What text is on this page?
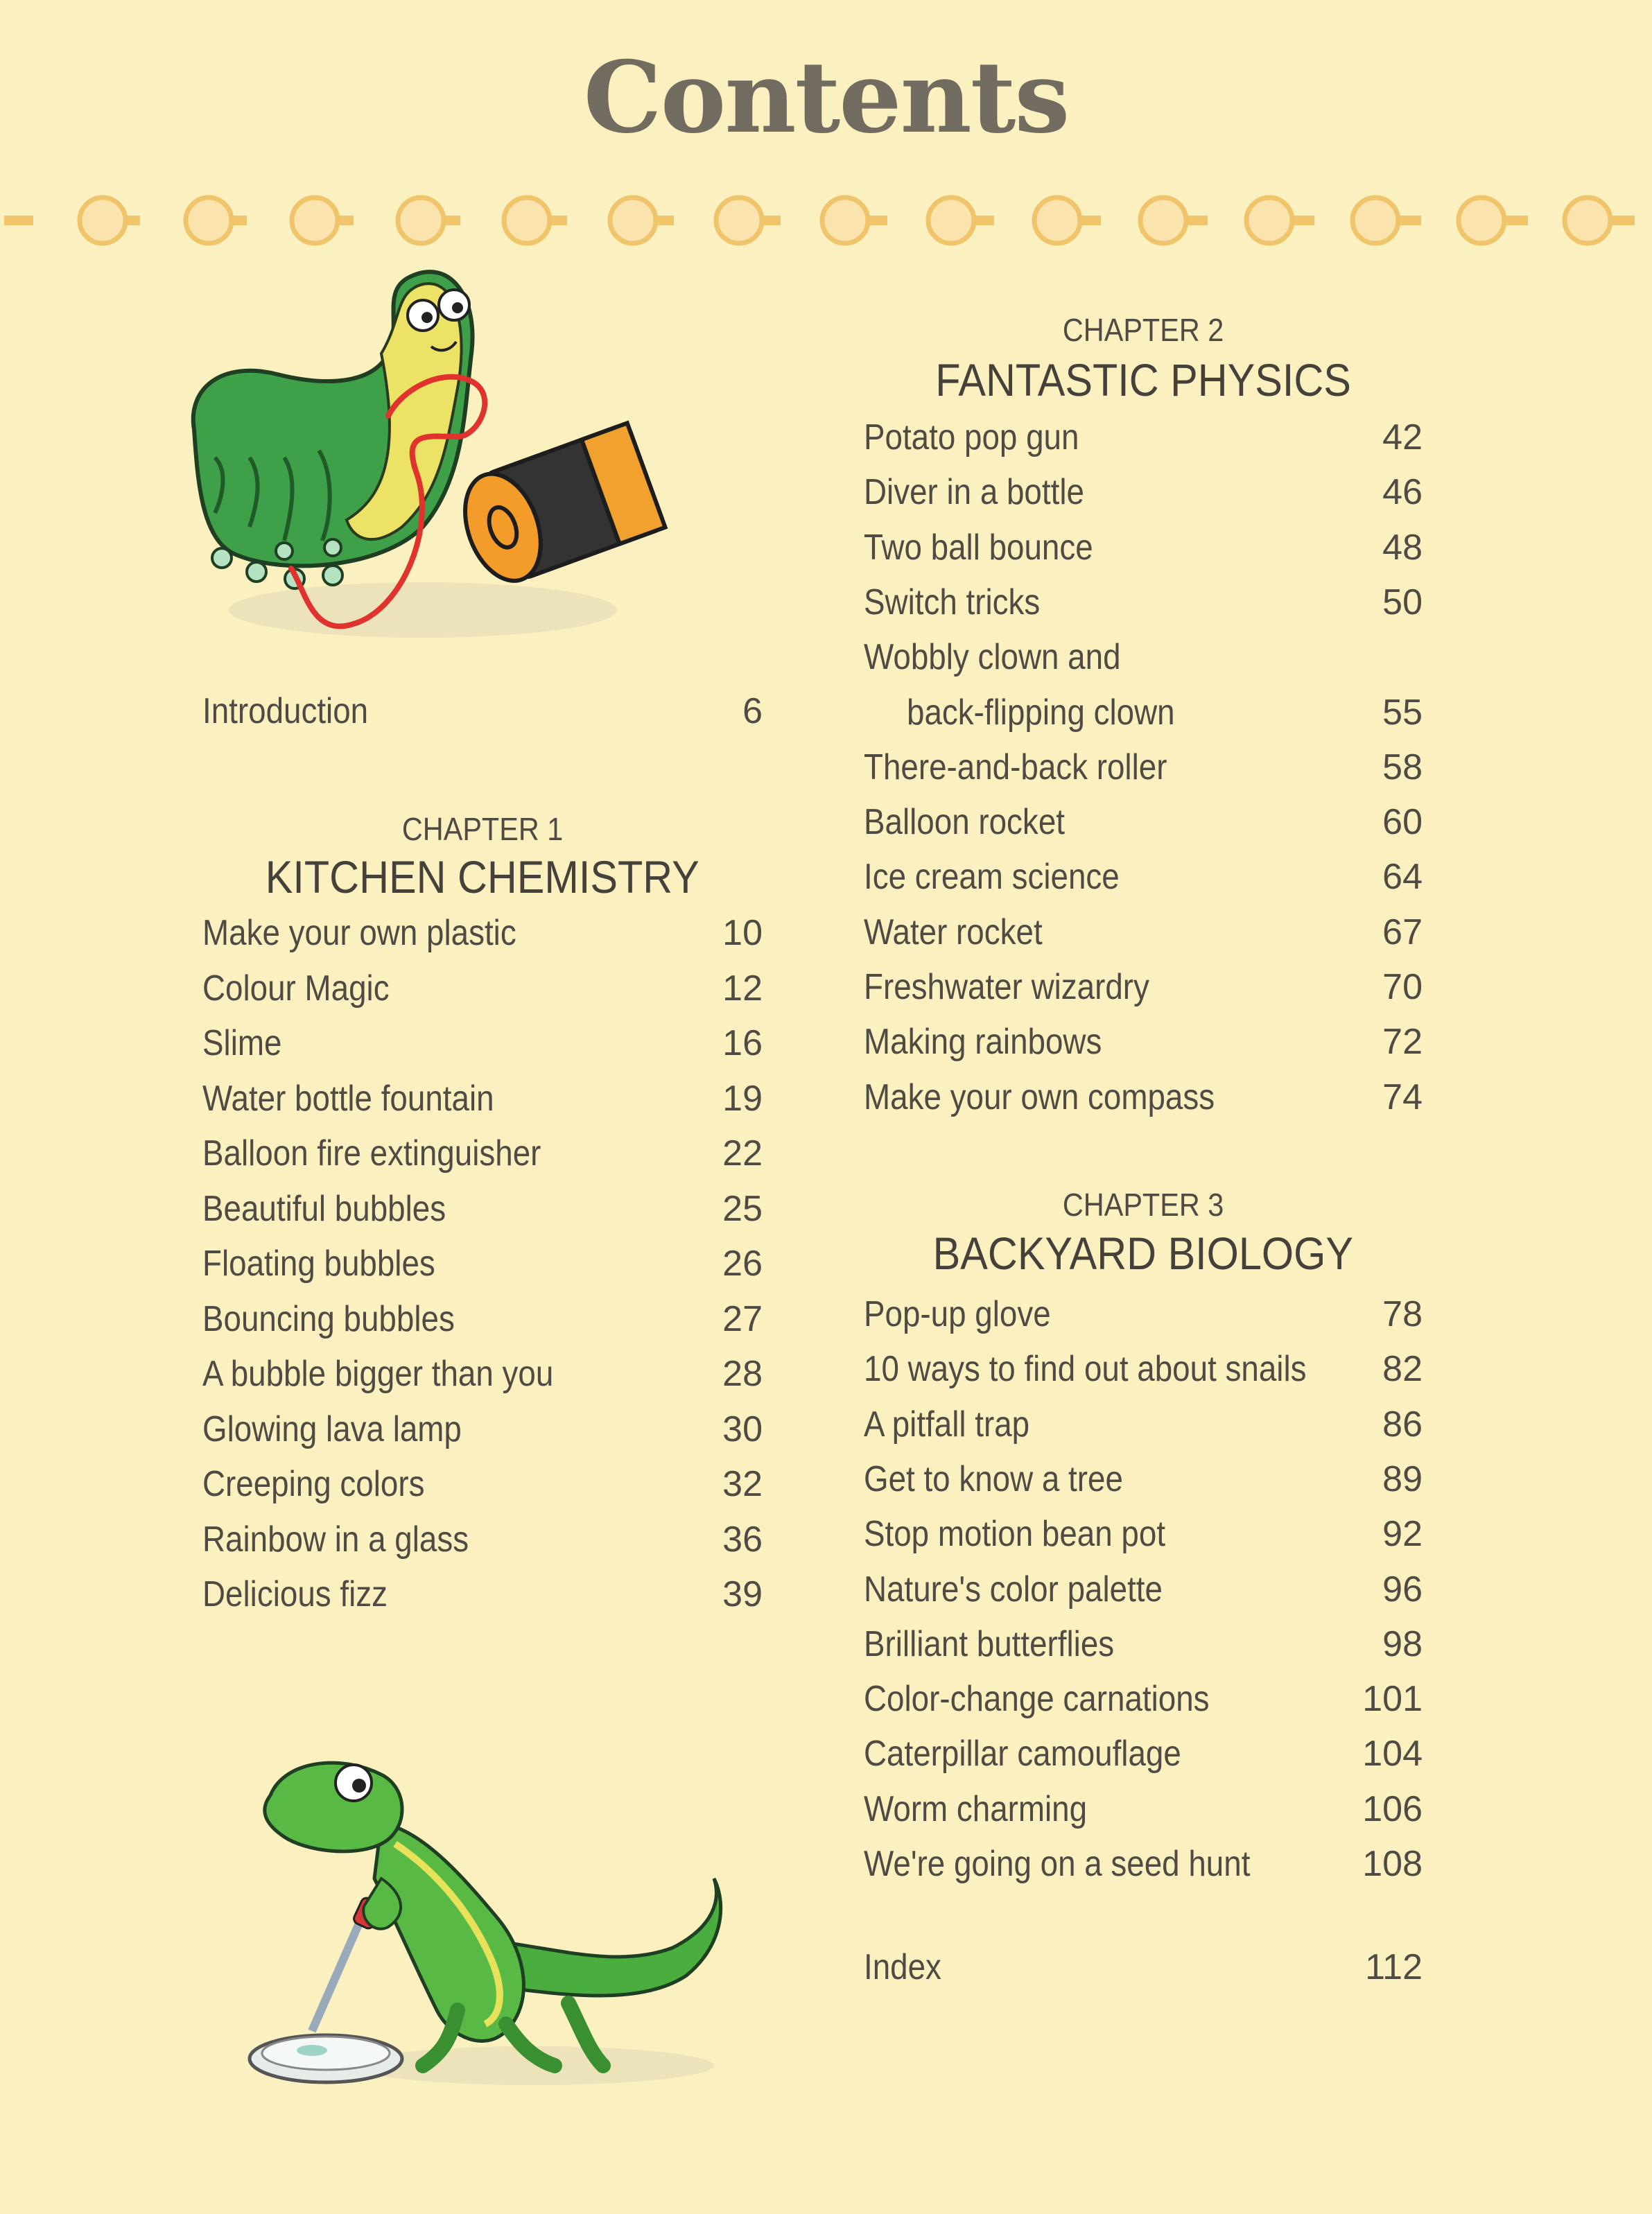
Contents
Introduction	6
CHAPTER 1
KITCHEN CHEMISTRY
Make your own plastic	10
Colour Magic	12
Slime	16
Water bottle fountain	19
Balloon fire extinguisher	22
Beautiful bubbles	25
Floating bubbles	26
Bouncing bubbles	27
A bubble bigger than you	28
Glowing lava lamp	30
Creeping colors	32
Rainbow in a glass	36
Delicious fizz	39
CHAPTER 2
FANTASTIC PHYSICS
Potato pop gun	42
Diver in a bottle	46
Two ball bounce	48
Switch tricks	50
Wobbly clown and
back-flipping clown	55
There-and-back roller	58
Balloon rocket	60
Ice cream science	64
Water rocket	67
Freshwater wizardry	70
Making rainbows	72
Make your own compass	74
CHAPTER 3
BACKYARD BIOLOGY
Pop-up glove	78
10 ways to find out about snails 82
A pitfall trap	86
Get to know a tree	89
Stop motion bean pot	92
Nature's color palette	96
Brilliant butterflies	98
Color-change carnations	101
Caterpillar camouflage	104
Worm charming	106
We're going on a seed hunt	108
Index	112
